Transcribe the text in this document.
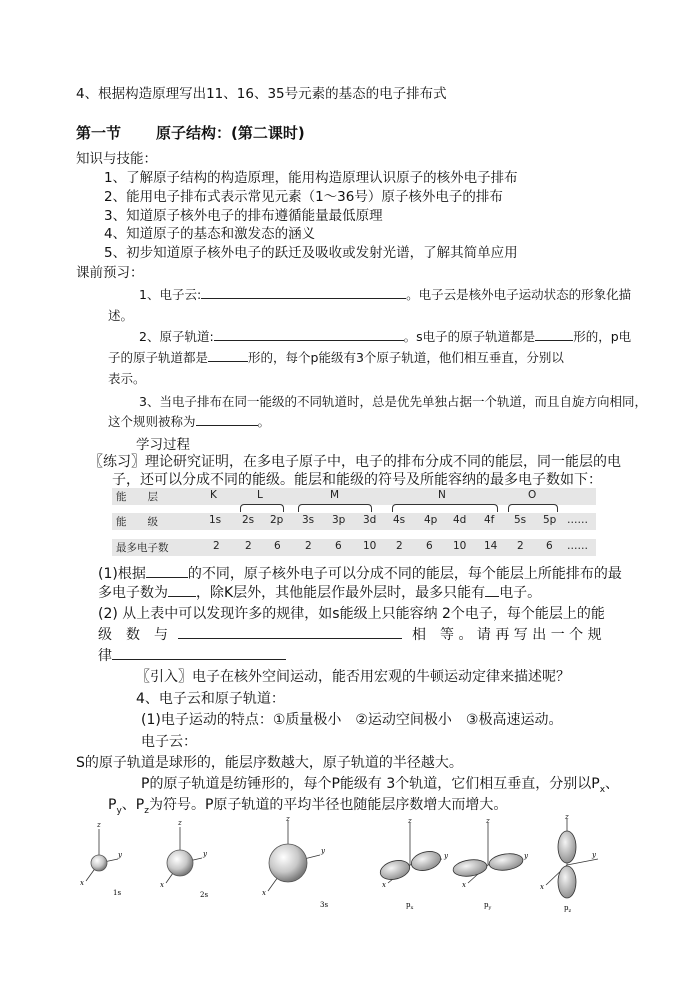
4、根据构造原理写出11、16、35号元素的基态的电子排布式
第一节 原子结构：(第二课时)
知识与技能：
1、了解原子结构的构造原理，能用构造原理认识原子的核外电子排布
2、能用电子排布式表示常见元素（1～36号）原子核外电子的排布
3、知道原子核外电子的排布遵循能量最低原理
4、知道原子的基态和激发态的涵义
5、初步知道原子核外电子的跃迁及吸收或发射光谱，了解其简单应用
课前预习：
1、电子云:	。电子云是核外电子运动状态的形象化描
述。
2、原子轨道:	。s电子的原子轨道都是	形的，p电
子的原子轨道都是	形的，每个p能级有3个原子轨道，他们相互垂直，分别以
表示。
3、当电子排布在同一能级的不同轨道时，总是优先单独占据一个轨道，而且自旋方向相同，
这个规则被称为	。
学习过程
〖练习〗理论研究证明，在多电子原子中，电子的排布分成不同的能层，同一能层的电
子，还可以分成不同的能级。能层和能级的符号及所能容纳的最多电子数如下：
能　　层	K	L	M	N	O
能　　级	1s 2s 2p 3s 3p 3d 4s 4p 4d 4f 5s 5p ……
最多电子数	2 2 6 2 6 10 2 6 10 14 2 6 ……
(1)根据	的不同，原子核外电子可以分成不同的能层，每个能层上所能排布的最
多电子数为 ，除K层外，其他能层作最外层时，最多只能有 电子。
(2) 从上表中可以发现许多的规律，如s能级上只能容纳 2个电子，每个能层上的能
级　数　与	相　等 。 请 再 写 出 一 个 规
律
〖引入〗电子在核外空间运动，能否用宏观的牛顿运动定律来描述呢？
4、电子云和原子轨道：
(1)电子运动的特点：①质量极小　②运动空间极小　③极高速运动。
电子云：
S的原子轨道是球形的，能层序数越大，原子轨道的半径越大。
P的原子轨道是纺锤形的，每个P能级有 3个轨道，它们相互垂直，分别以$P_x$、
$P_y$、$P_z$为符号。P原子轨道的平均半径也随能层序数增大而增大。
z
y
x
1s
z
y
x
2s
z
y
x
3s
z
y
x
$p_x$
z
y
x
$p_y$
z
y
x
$p_z$
